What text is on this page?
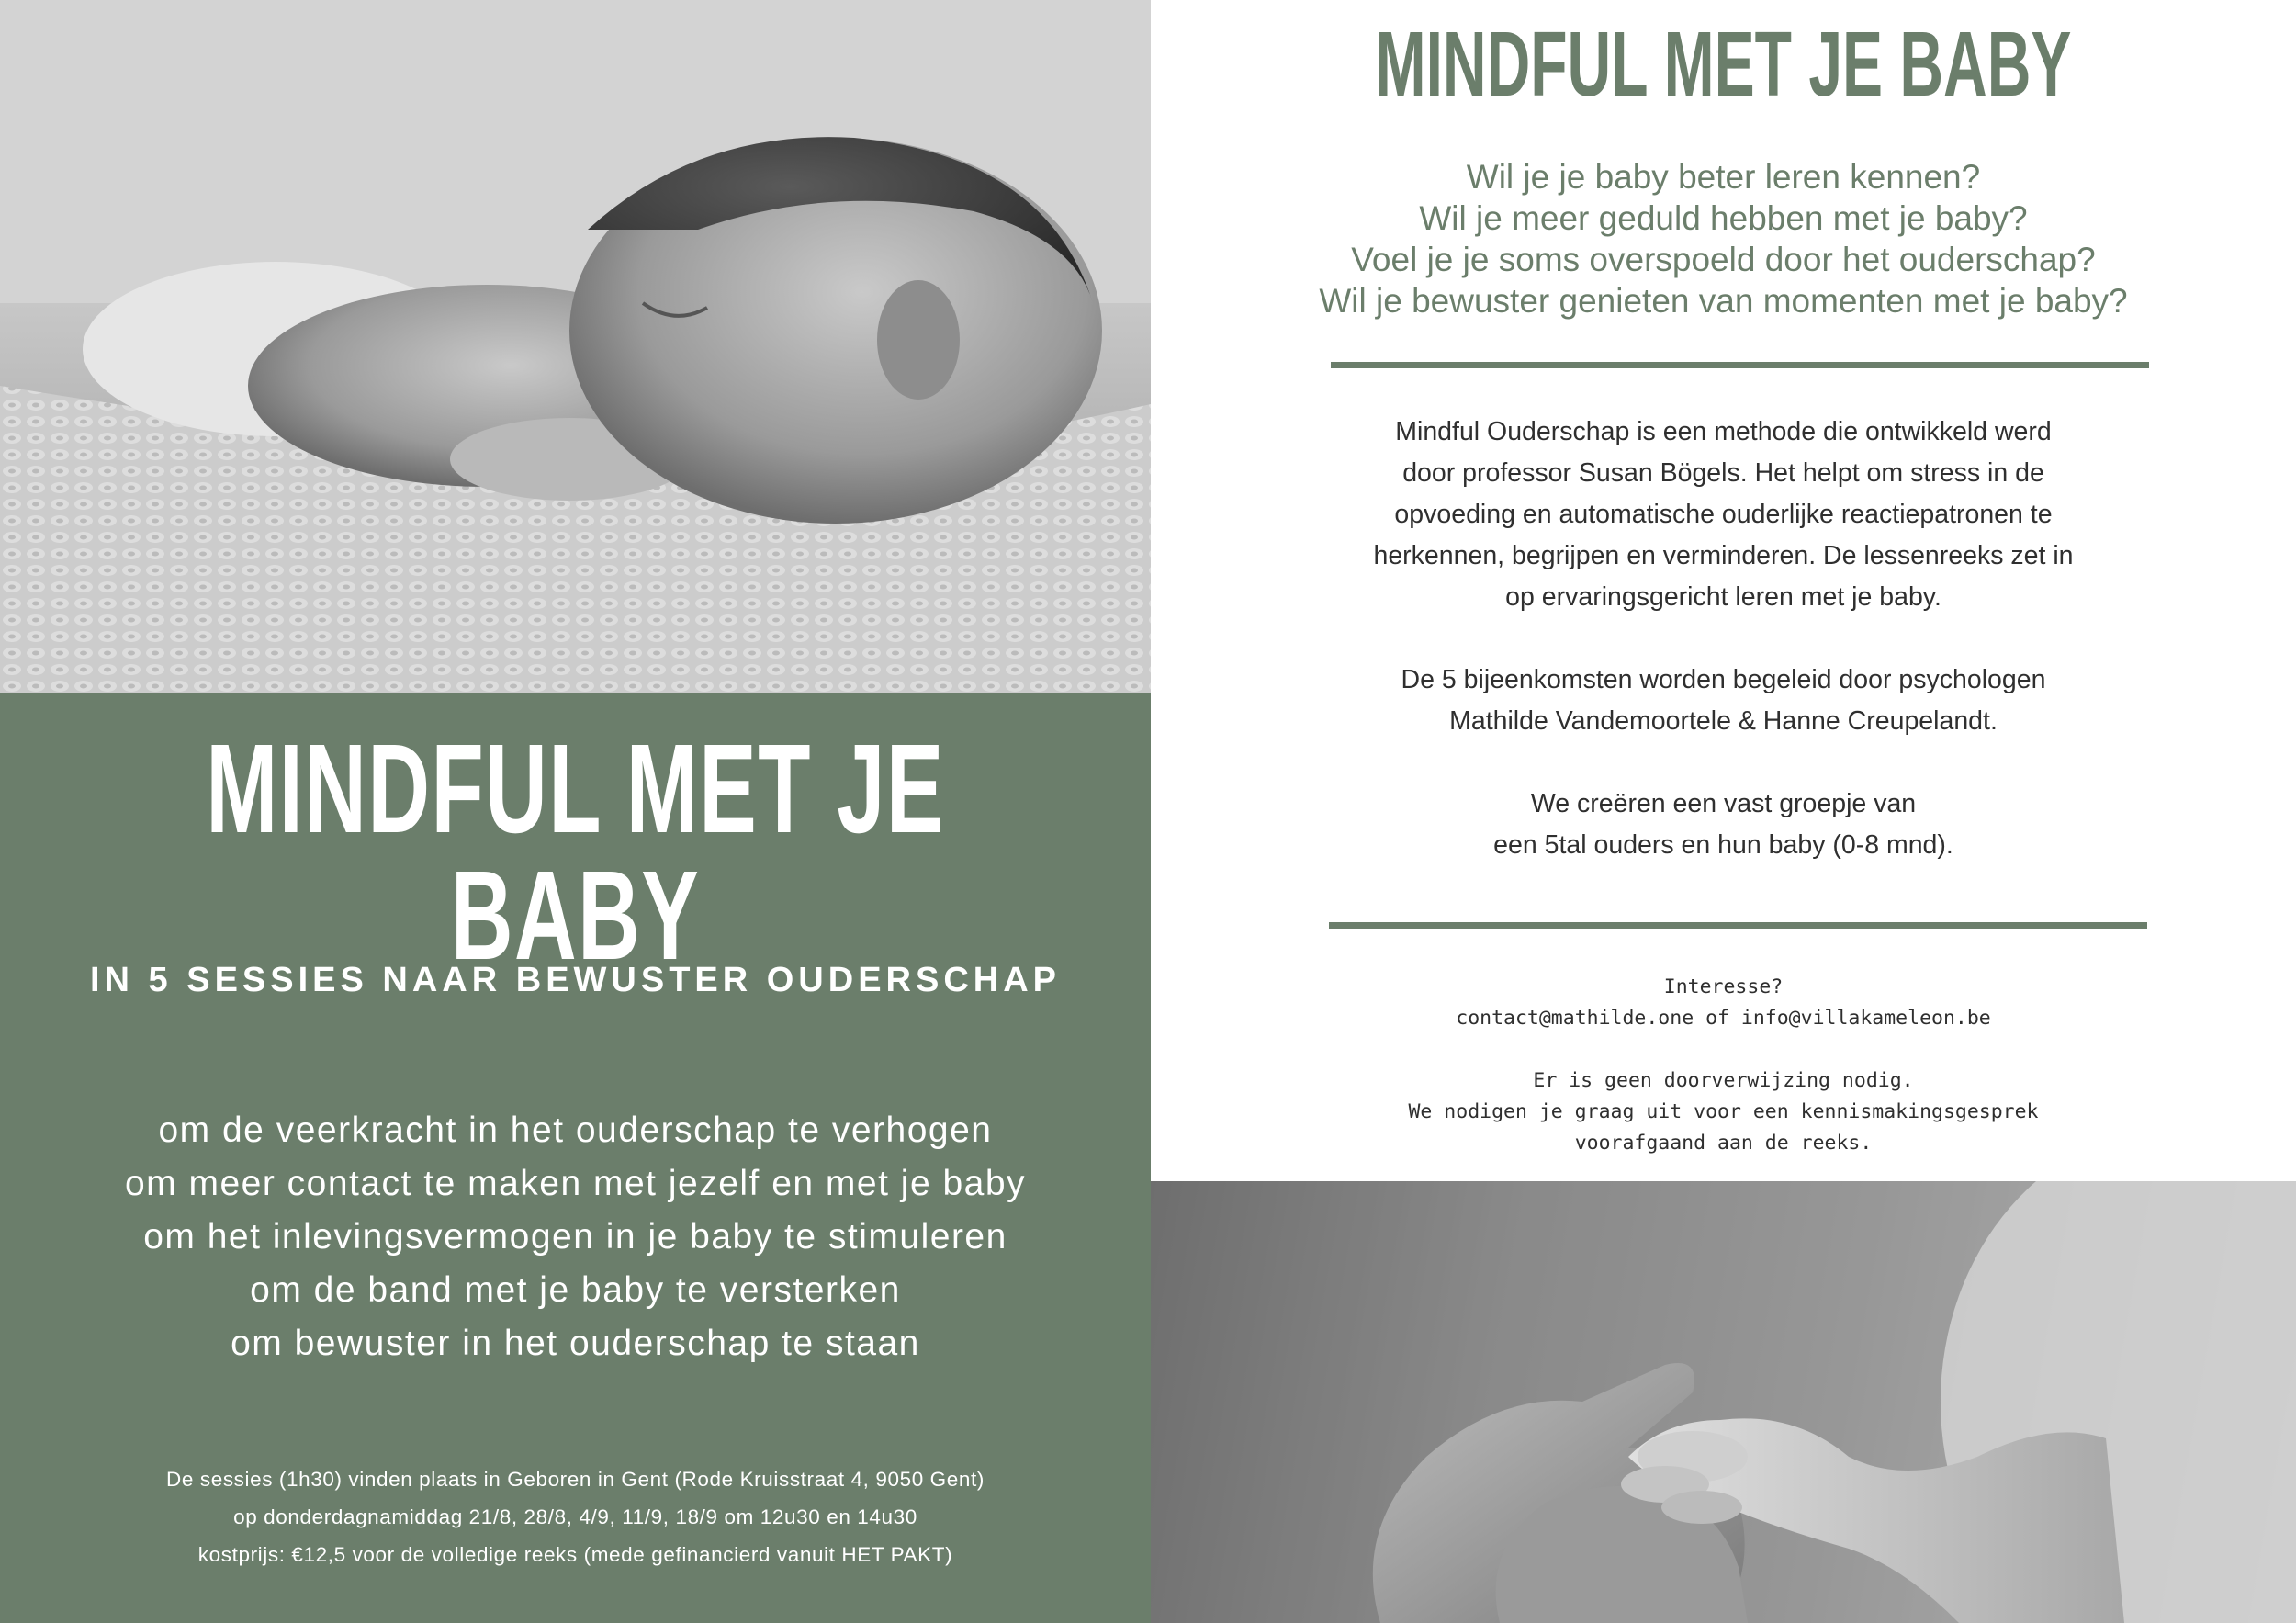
MINDFUL MET JE BABY
IN 5 SESSIES NAAR BEWUSTER OUDERSCHAP
om de veerkracht in het ouderschap te verhogen
om meer contact te maken met jezelf en met je baby
om het inlevingsvermogen in je baby te stimuleren
om de band met je baby te versterken
om bewuster in het ouderschap te staan
De sessies (1h30) vinden plaats in Geboren in Gent (Rode Kruisstraat 4, 9050 Gent)
op donderdagnamiddag 21/8, 28/8, 4/9, 11/9, 18/9 om 12u30 en 14u30
kostprijs: €12,5 voor de volledige reeks (mede gefinancierd vanuit HET PAKT)
MINDFUL MET JE BABY
Wil je je baby beter leren kennen?
Wil je meer geduld hebben met je baby?
Voel je je soms overspoeld door het ouderschap?
Wil je bewuster genieten van momenten met je baby?
Mindful Ouderschap is een methode die ontwikkeld werd
door professor Susan Bögels. Het helpt om stress in de
opvoeding en automatische ouderlijke reactiepatronen te
herkennen, begrijpen en verminderen. De lessenreeks zet in
op ervaringsgericht leren met je baby.
De 5 bijeenkomsten worden begeleid door psychologen
Mathilde Vandemoortele & Hanne Creupelandt.
We creëren een vast groepje van
een 5tal ouders en hun baby (0-8 mnd).
Interesse?
contact@mathilde.one of info@villakameleon.be
Er is geen doorverwijzing nodig.
We nodigen je graag uit voor een kennismakingsgesprek
voorafgaand aan de reeks.
